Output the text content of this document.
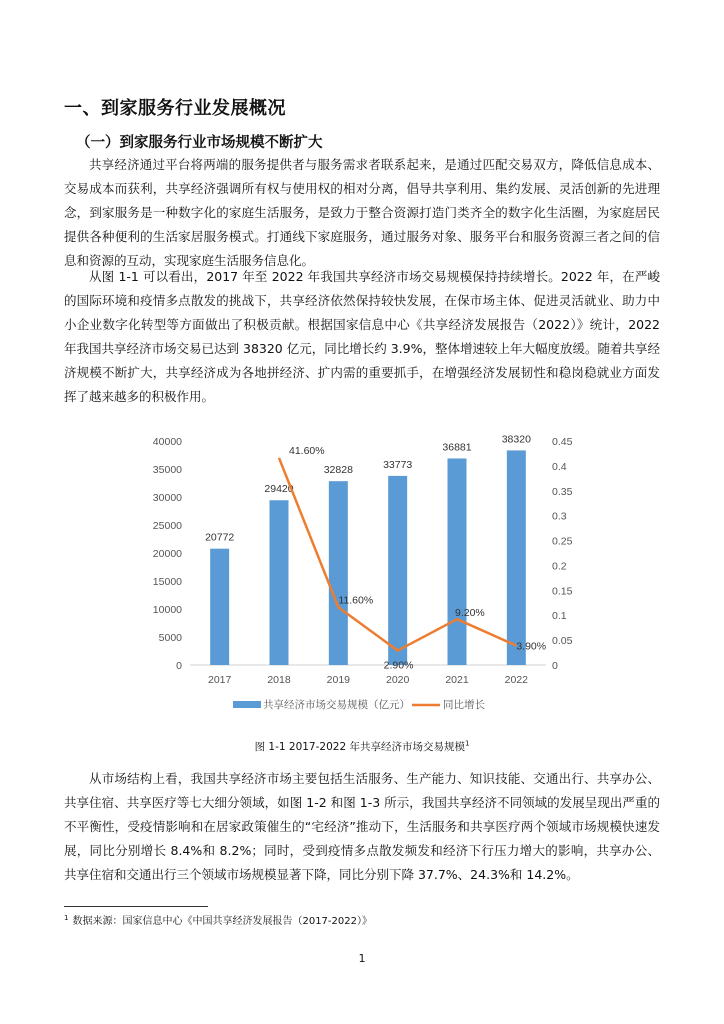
一、到家服务行业发展概况
（一）到家服务行业市场规模不断扩大
共享经济通过平台将两端的服务提供者与服务需求者联系起来，是通过匹配交易双方，降低信息成本、交易成本而获利，共享经济强调所有权与使用权的相对分离，倡导共享利用、集约发展、灵活创新的先进理念，到家服务是一种数字化的家庭生活服务，是致力于整合资源打造门类齐全的数字化生活圈，为家庭居民提供各种便利的生活家居服务模式。打通线下家庭服务，通过服务对象、服务平台和服务资源三者之间的信息和资源的互动，实现家庭生活服务信息化。
从图 1-1 可以看出，2017 年至 2022 年我国共享经济市场交易规模保持持续增长。2022 年，在严峻的国际环境和疫情多点散发的挑战下，共享经济依然保持较快发展，在保市场主体、促进灵活就业、助力中小企业数字化转型等方面做出了积极贡献。根据国家信息中心《共享经济发展报告（2022）》统计，2022 年我国共享经济市场交易已达到 38320 亿元，同比增长约 3.9%，整体增速较上年大幅度放缓。随着共享经济规模不断扩大，共享经济成为各地拼经济、扩内需的重要抓手，在增强经济发展韧性和稳岗稳就业方面发挥了越来越多的积极作用。
0
5000
10000
15000
20000
25000
30000
35000
40000
0
0.05
0.1
0.15
0.2
0.25
0.3
0.35
0.4
0.45
20772
29420
32828	33773
36881
38320
41.60%
11.60%
2.90%
9.20%
3.90%
2017	2018	2019	2020	2021	2022
共享经济市场交易规模（亿元）	同比增长
图 1-1 2017-2022 年共享经济市场交易规模$^1$
从市场结构上看，我国共享经济市场主要包括生活服务、生产能力、知识技能、交通出行、共享办公、共享住宿、共享医疗等七大细分领域，如图 1-2 和图 1-3 所示，我国共享经济不同领域的发展呈现出严重的不平衡性，受疫情影响和在居家政策催生的“宅经济”推动下，生活服务和共享医疗两个领域市场规模快速发展，同比分别增长 8.4%和 8.2%；同时，受到疫情多点散发频发和经济下行压力增大的影响，共享办公、共享住宿和交通出行三个领域市场规模显著下降，同比分别下降 37.7%、24.3%和 14.2%。
$^1$ 数据来源：国家信息中心《中国共享经济发展报告（2017-2022）》
1
